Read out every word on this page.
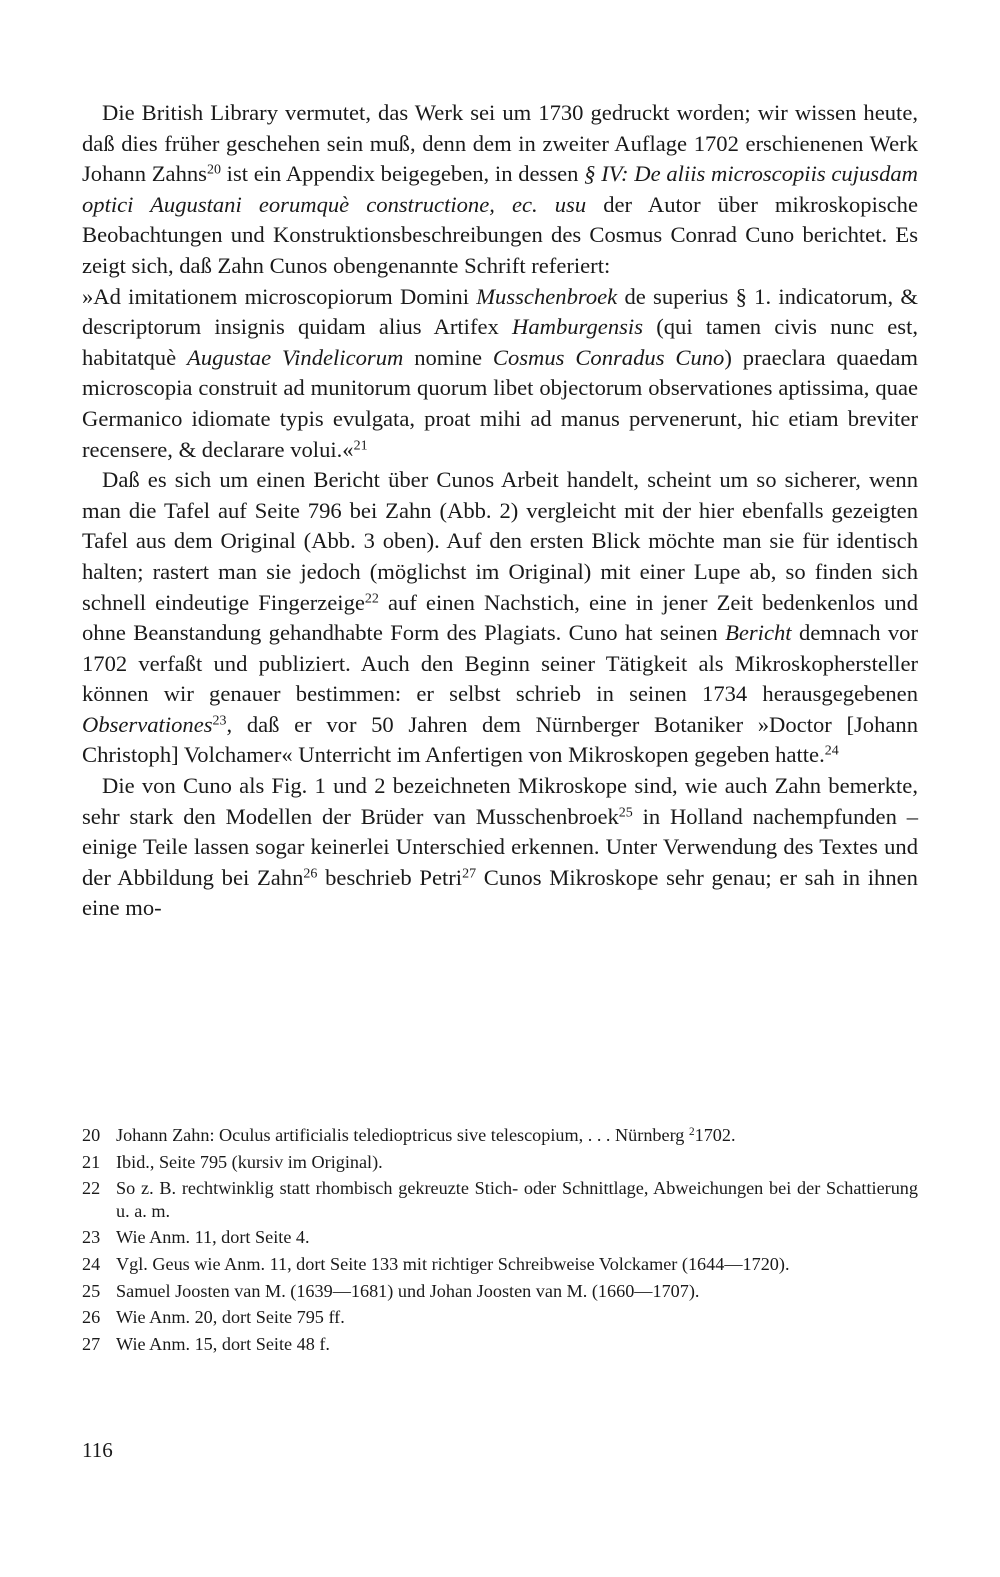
Die British Library vermutet, das Werk sei um 1730 gedruckt worden; wir wissen heute, daß dies früher geschehen sein muß, denn dem in zweiter Auflage 1702 erschienenen Werk Johann Zahns$^{20}$ ist ein Appendix beigegeben, in dessen § IV: De aliis microscopiis cujusdam optici Augustani eorumquè constructione, ec. usu der Autor über mikroskopische Beobachtungen und Konstruktionsbeschreibungen des Cosmus Conrad Cuno berichtet. Es zeigt sich, daß Zahn Cunos obengenannte Schrift referiert:

»Ad imitationem microscopiorum Domini Musschenbroek de superius § 1. indicatorum, & descriptorum insignis quidam alius Artifex Hamburgensis (qui tamen civis nunc est, habitatquè Augustae Vindelicorum nomine Cosmus Conradus Cuno) praeclara quaedam microscopia construit ad munitorum quorum libet objectorum observationes aptissima, quae Germanico idiomate typis evulgata, proat mihi ad manus pervenerunt, hic etiam breviter recensere, & declarare volui.«$^{21}$

Daß es sich um einen Bericht über Cunos Arbeit handelt, scheint um so sicherer, wenn man die Tafel auf Seite 796 bei Zahn (Abb. 2) vergleicht mit der hier ebenfalls gezeigten Tafel aus dem Original (Abb. 3 oben). Auf den ersten Blick möchte man sie für identisch halten; rastert man sie jedoch (möglichst im Original) mit einer Lupe ab, so finden sich schnell eindeutige Fingerzeige$^{22}$ auf einen Nachstich, eine in jener Zeit bedenkenlos und ohne Beanstandung gehandhabte Form des Plagiats. Cuno hat seinen Bericht demnach vor 1702 verfaßt und publiziert. Auch den Beginn seiner Tätigkeit als Mikroskophersteller können wir genauer bestimmen: er selbst schrieb in seinen 1734 herausgegebenen Observationes$^{23}$, daß er vor 50 Jahren dem Nürnberger Botaniker »Doctor [Johann Christoph] Volchamer« Unterricht im Anfertigen von Mikroskopen gegeben hatte.$^{24}$

Die von Cuno als Fig. 1 und 2 bezeichneten Mikroskope sind, wie auch Zahn bemerkte, sehr stark den Modellen der Brüder van Musschenbroek$^{25}$ in Holland nachempfunden – einige Teile lassen sogar keinerlei Unterschied erkennen. Unter Verwendung des Textes und der Abbildung bei Zahn$^{26}$ beschrieb Petri$^{27}$ Cunos Mikroskope sehr genau; er sah in ihnen eine mo-

20 Johann Zahn: Oculus artificialis teledioptricus sive telescopium, . . . Nürnberg $^2$1702.
21 Ibid., Seite 795 (kursiv im Original).
22 So z. B. rechtwinklig statt rhombisch gekreuzte Stich- oder Schnittlage, Abweichungen bei der Schattierung u. a. m.
23 Wie Anm. 11, dort Seite 4.
24 Vgl. Geus wie Anm. 11, dort Seite 133 mit richtiger Schreibweise Volckamer (1644—1720).
25 Samuel Joosten van M. (1639—1681) und Johan Joosten van M. (1660—1707).
26 Wie Anm. 20, dort Seite 795 ff.
27 Wie Anm. 15, dort Seite 48 f.
116
